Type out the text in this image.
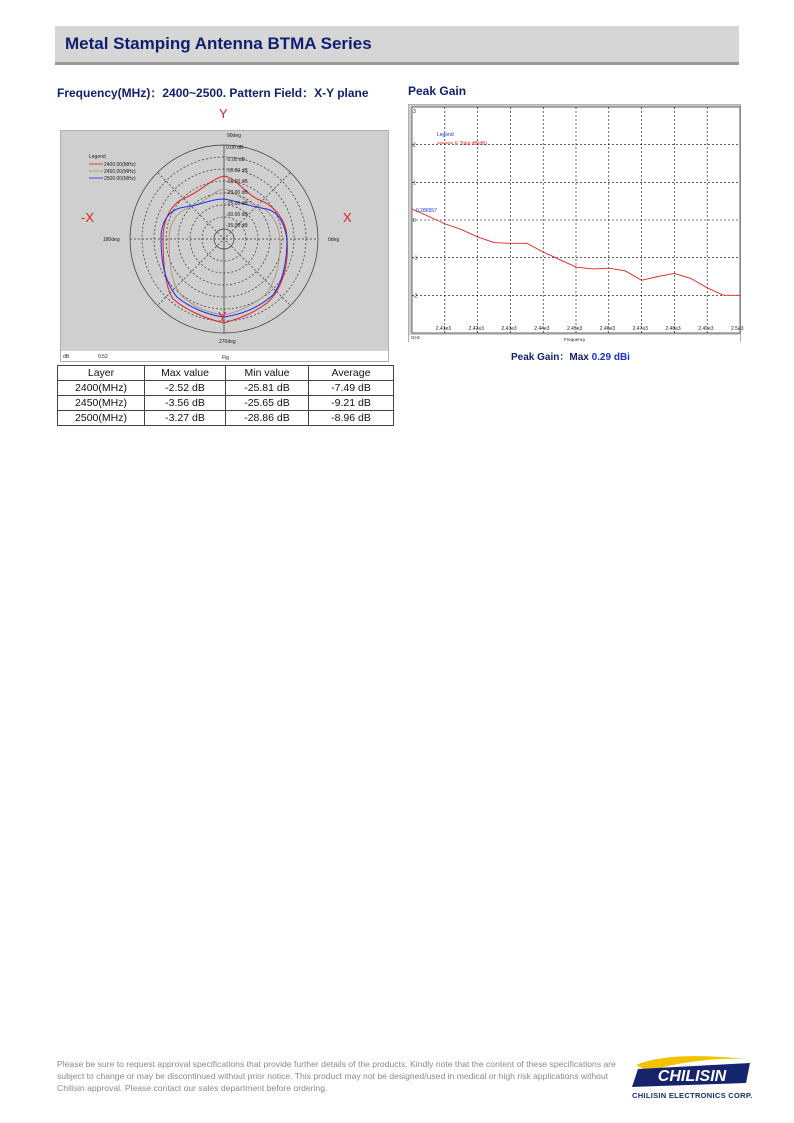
Metal Stamping Antenna BTMA Series
Frequency(MHz)：2400~2500. Pattern Field：X-Y plane	Peak Gain
Y
90deg
180deg	0deg
270deg
0.00 dB
-5.00 dB
-10.00 dB
-15.00 dB
-20.00 dB
-25.00 dB
-30.00 dB
-35.00 dB
Legend
2400.00(MHz)
2450.00(MHz)
2500.00(MHz)
dB	0.52	Fig
-X	X
Y
Layer	Max value	Min value	Average
2400(MHz)	-2.52 dB	-25.81 dB	-7.49 dB
2450(MHz)	-3.56 dB	-25.65 dB	-9.21 dB
2500(MHz)	-3.27 dB	-28.86 dB	-8.96 dB
3
2
1
0
-1
-2
2.41e3	2.42e3	2.43e3	2.44e3	2.45e3	2.46e3	2.47e3	2.48e3	2.49e3	2.5e3
Legend
E Total dB(dB)
0.286557
Frequency
GHz
Peak Gain：Max 0.29 dBi
Please be sure to request approval specifications that provide further details of the products. Kindly note that the content of these specifications are subject to change or may be discontinued without prior notice. This product may not be designed/used in medical or high risk applications without Chilisin approval. Please contact our sales department before ordering.
CHILISIN
CHILISIN ELECTRONICS CORP.
